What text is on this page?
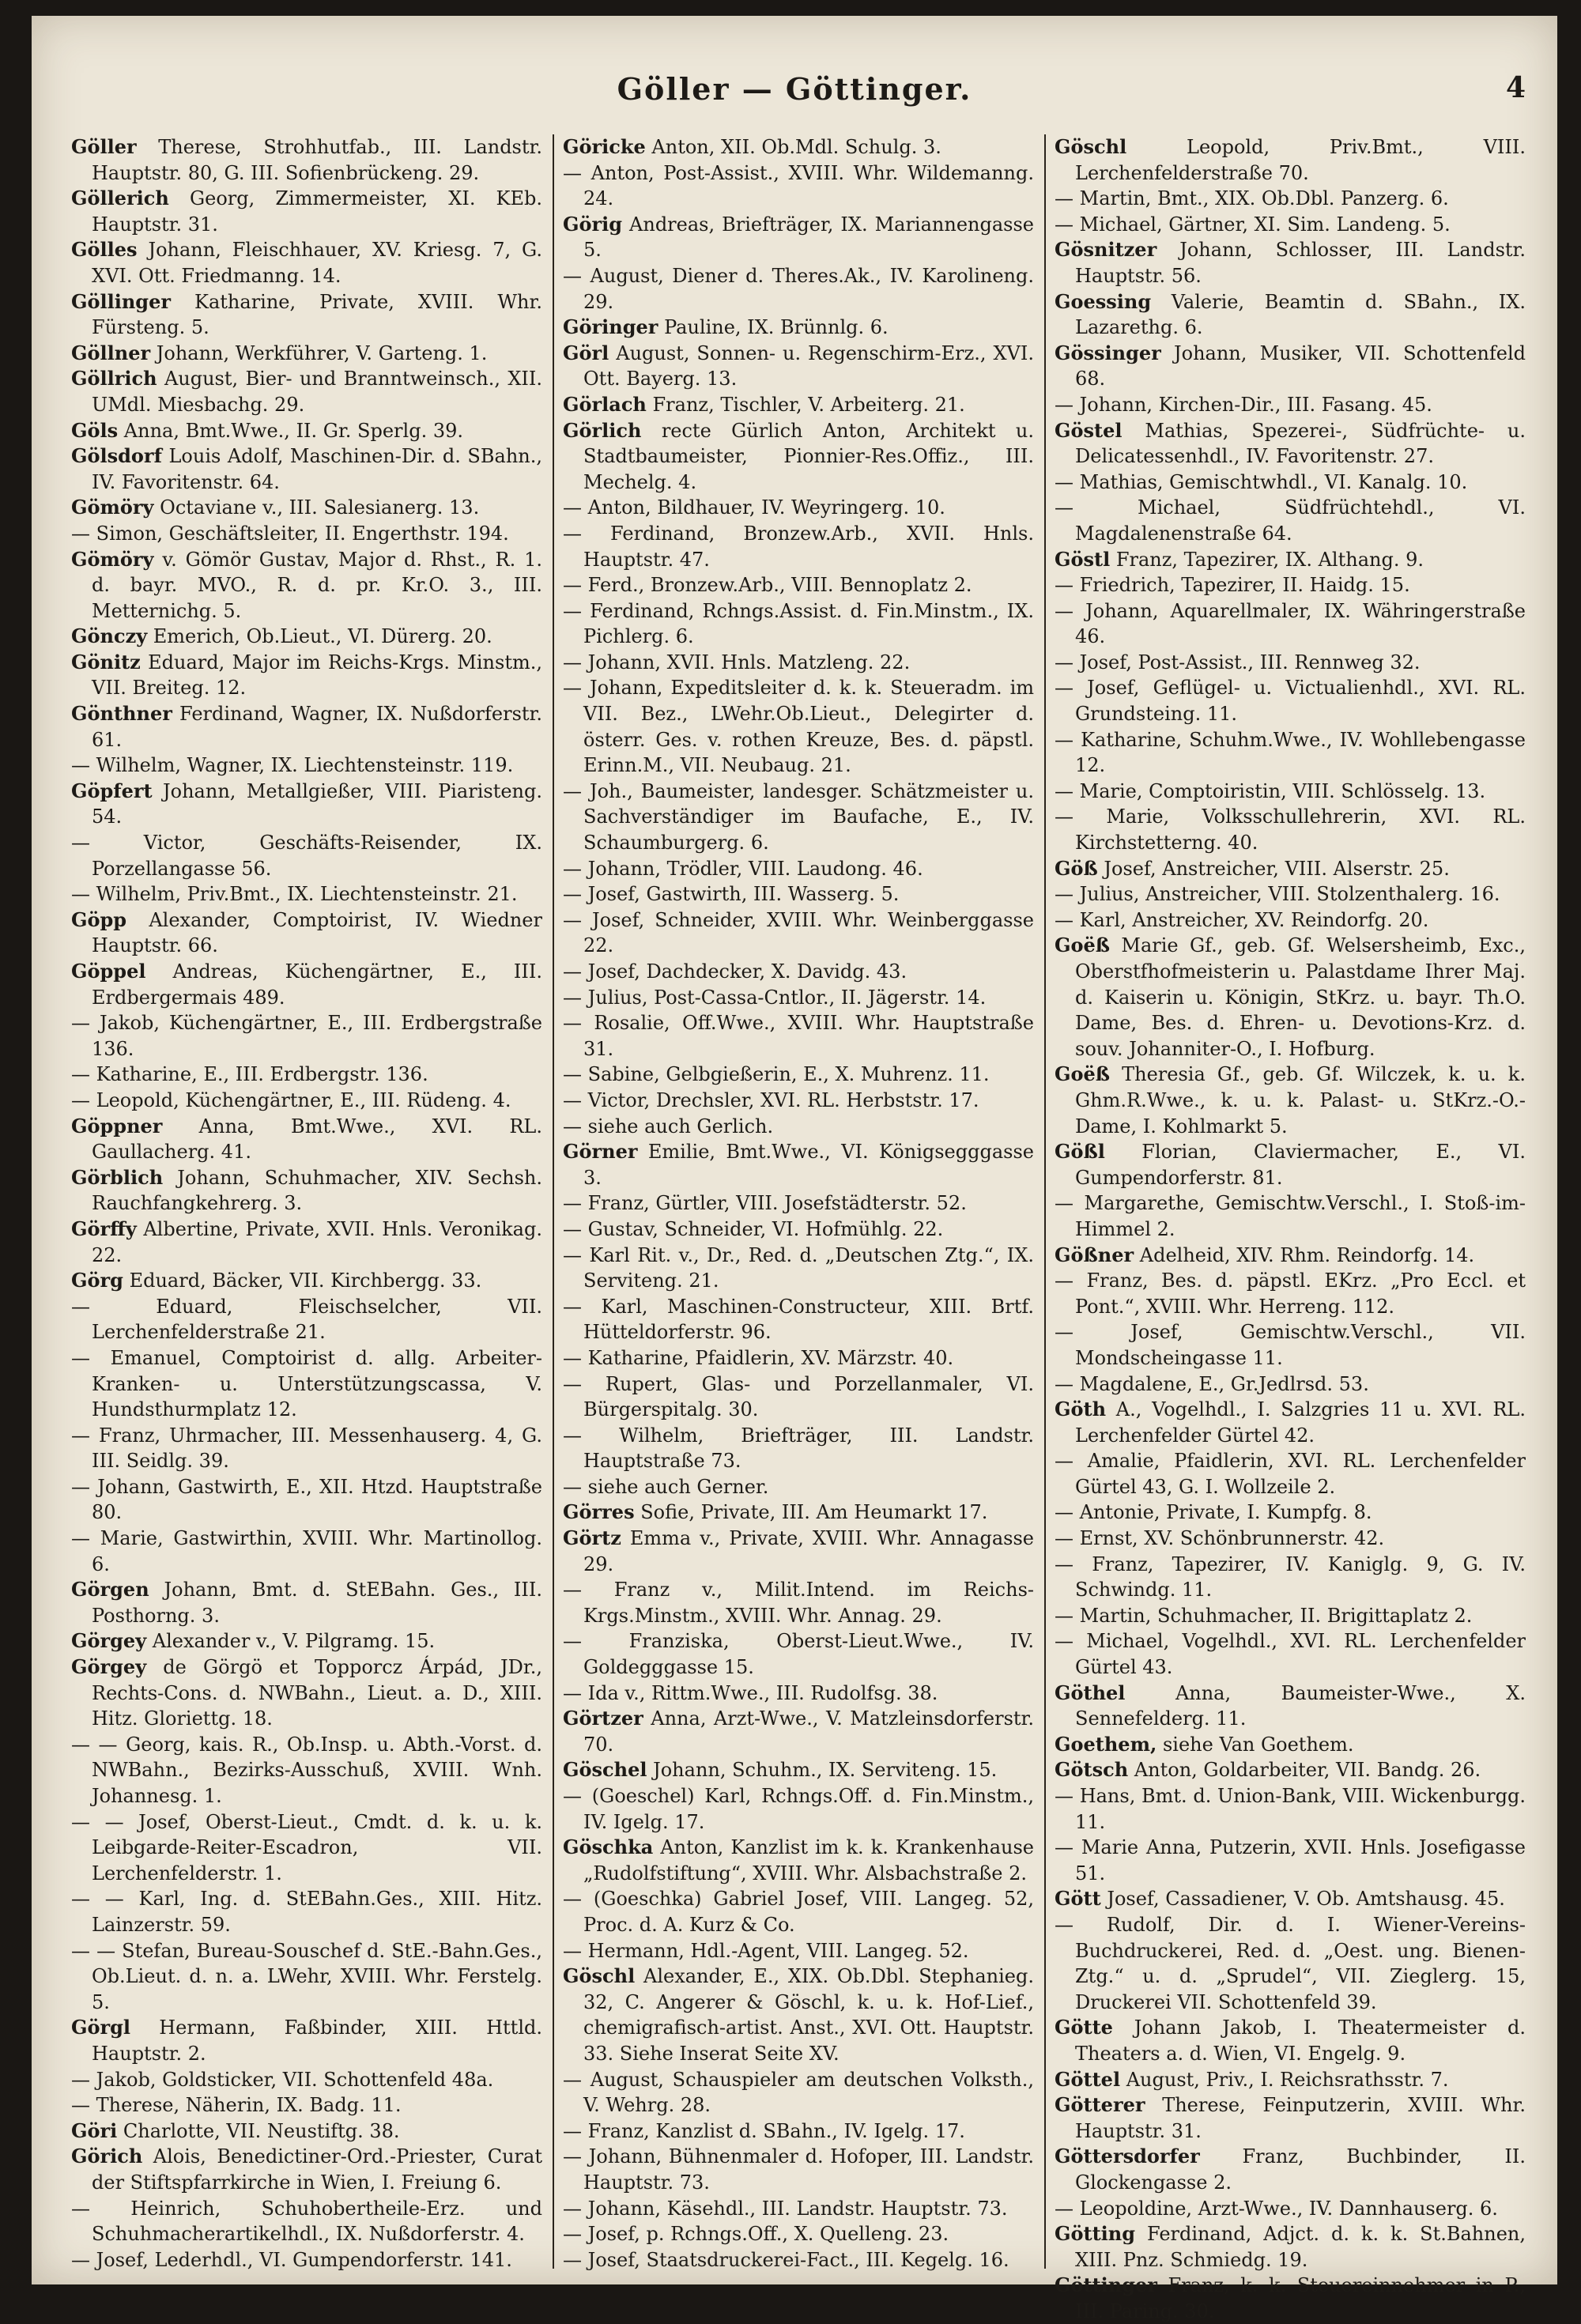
Göller — Göttinger.	4

Göller Therese, Strohhutfab., III. Landstr. Hauptstr. 80, G. III. Sofienbrückeng. 29.

Göllerich Georg, Zimmermeister, XI. KEb. Hauptstr. 31.

Gölles Johann, Fleischhauer, XV. Kriesg. 7, G. XVI. Ott. Friedmanng. 14.

Göllinger Katharine, Private, XVIII. Whr. Fürsteng. 5.

Göllner Johann, Werkführer, V. Garteng. 1.

Göllrich August, Bier- und Branntweinsch., XII. UMdl. Miesbachg. 29.

Göls Anna, Bmt.Wwe., II. Gr. Sperlg. 39.

Gölsdorf Louis Adolf, Maschinen-Dir. d. SBahn., IV. Favoritenstr. 64.

Gömöry Octaviane v., III. Salesianerg. 13.

— Simon, Geschäftsleiter, II. Engerthstr. 194.

Gömöry v. Gömör Gustav, Major d. Rhst., R. 1. d. bayr. MVO., R. d. pr. Kr.O. 3., III. Metternichg. 5.

Gönczy Emerich, Ob.Lieut., VI. Dürerg. 20.

Gönitz Eduard, Major im Reichs-Krgs. Minstm., VII. Breiteg. 12.

Gönthner Ferdinand, Wagner, IX. Nußdorferstr. 61.

— Wilhelm, Wagner, IX. Liechtensteinstr. 119.

Göpfert Johann, Metallgießer, VIII. Piaristeng. 54.

— Victor, Geschäfts-Reisender, IX. Porzellangasse 56.

— Wilhelm, Priv.Bmt., IX. Liechtensteinstr. 21.

Göpp Alexander, Comptoirist, IV. Wiedner Hauptstr. 66.

Göppel Andreas, Küchengärtner, E., III. Erdbergermais 489.

— Jakob, Küchengärtner, E., III. Erdbergstraße 136.

— Katharine, E., III. Erdbergstr. 136.

— Leopold, Küchengärtner, E., III. Rüdeng. 4.

Göppner Anna, Bmt.Wwe., XVI. RL. Gaullacherg. 41.

Görblich Johann, Schuhmacher, XIV. Sechsh. Rauchfangkehrerg. 3.

Görffy Albertine, Private, XVII. Hnls. Veronikag. 22.

Görg Eduard, Bäcker, VII. Kirchbergg. 33.

— Eduard, Fleischselcher, VII. Lerchenfelderstraße 21.

— Emanuel, Comptoirist d. allg. Arbeiter-Kranken- u. Unterstützungscassa, V. Hundsthurmplatz 12.

— Franz, Uhrmacher, III. Messenhauserg. 4, G. III. Seidlg. 39.

— Johann, Gastwirth, E., XII. Htzd. Hauptstraße 80.

— Marie, Gastwirthin, XVIII. Whr. Martinollog. 6.

Görgen Johann, Bmt. d. StEBahn. Ges., III. Posthorng. 3.

Görgey Alexander v., V. Pilgramg. 15.

Görgey de Görgö et Topporcz Árpád, JDr., Rechts-Cons. d. NWBahn., Lieut. a. D., XIII. Hitz. Gloriettg. 18.

— — Georg, kais. R., Ob.Insp. u. Abth.-Vorst. d. NWBahn., Bezirks-Ausschuß, XVIII. Wnh. Johannesg. 1.

— — Josef, Oberst-Lieut., Cmdt. d. k. u. k. Leibgarde-Reiter-Escadron, VII. Lerchenfelderstr. 1.

— — Karl, Ing. d. StEBahn.Ges., XIII. Hitz. Lainzerstr. 59.

— — Stefan, Bureau-Souschef d. StE.-Bahn.Ges., Ob.Lieut. d. n. a. LWehr, XVIII. Whr. Ferstelg. 5.

Görgl Hermann, Faßbinder, XIII. Httld. Hauptstr. 2.

— Jakob, Goldsticker, VII. Schottenfeld 48a.

— Therese, Näherin, IX. Badg. 11.

Göri Charlotte, VII. Neustiftg. 38.

Görich Alois, Benedictiner-Ord.-Priester, Curat der Stiftspfarrkirche in Wien, I. Freiung 6.

— Heinrich, Schuhobertheile-Erz. und Schuhmacherartikelhdl., IX. Nußdorferstr. 4.

— Josef, Lederhdl., VI. Gumpendorferstr. 141.

Göricke Anton, XII. Ob.Mdl. Schulg. 3.

— Anton, Post-Assist., XVIII. Whr. Wildemanng. 24.

Görig Andreas, Briefträger, IX. Mariannengasse 5.

— August, Diener d. Theres.Ak., IV. Karolineng. 29.

Göringer Pauline, IX. Brünnlg. 6.

Görl August, Sonnen- u. Regenschirm-Erz., XVI. Ott. Bayerg. 13.

Görlach Franz, Tischler, V. Arbeiterg. 21.

Görlich recte Gürlich Anton, Architekt u. Stadtbaumeister, Pionnier-Res.Offiz., III. Mechelg. 4.

— Anton, Bildhauer, IV. Weyringerg. 10.

— Ferdinand, Bronzew.Arb., XVII. Hnls. Hauptstr. 47.

— Ferd., Bronzew.Arb., VIII. Bennoplatz 2.

— Ferdinand, Rchngs.Assist. d. Fin.Minstm., IX. Pichlerg. 6.

— Johann, XVII. Hnls. Matzleng. 22.

— Johann, Expeditsleiter d. k. k. Steueradm. im VII. Bez., LWehr.Ob.Lieut., Delegirter d. österr. Ges. v. rothen Kreuze, Bes. d. päpstl. Erinn.M., VII. Neubaug. 21.

— Joh., Baumeister, landesger. Schätzmeister u. Sachverständiger im Baufache, E., IV. Schaumburgerg. 6.

— Johann, Trödler, VIII. Laudong. 46.

— Josef, Gastwirth, III. Wasserg. 5.

— Josef, Schneider, XVIII. Whr. Weinberggasse 22.

— Josef, Dachdecker, X. Davidg. 43.

— Julius, Post-Cassa-Cntlor., II. Jägerstr. 14.

— Rosalie, Off.Wwe., XVIII. Whr. Hauptstraße 31.

— Sabine, Gelbgießerin, E., X. Muhrenz. 11.

— Victor, Drechsler, XVI. RL. Herbststr. 17.

— siehe auch Gerlich.

Görner Emilie, Bmt.Wwe., VI. Königsegggasse 3.

— Franz, Gürtler, VIII. Josefstädterstr. 52.

— Gustav, Schneider, VI. Hofmühlg. 22.

— Karl Rit. v., Dr., Red. d. „Deutschen Ztg.“, IX. Serviteng. 21.

— Karl, Maschinen-Constructeur, XIII. Brtf. Hütteldorferstr. 96.

— Katharine, Pfaidlerin, XV. Märzstr. 40.

— Rupert, Glas- und Porzellanmaler, VI. Bürgerspitalg. 30.

— Wilhelm, Briefträger, III. Landstr. Hauptstraße 73.

— siehe auch Gerner.

Görres Sofie, Private, III. Am Heumarkt 17.

Görtz Emma v., Private, XVIII. Whr. Annagasse 29.

— Franz v., Milit.Intend. im Reichs-Krgs.Minstm., XVIII. Whr. Annag. 29.

— Franziska, Oberst-Lieut.Wwe., IV. Goldegggasse 15.

— Ida v., Rittm.Wwe., III. Rudolfsg. 38.

Görtzer Anna, Arzt-Wwe., V. Matzleinsdorferstr. 70.

Göschel Johann, Schuhm., IX. Serviteng. 15.

— (Goeschel) Karl, Rchngs.Off. d. Fin.Minstm., IV. Igelg. 17.

Göschka Anton, Kanzlist im k. k. Krankenhause „Rudolfstiftung“, XVIII. Whr. Alsbachstraße 2.

— (Goeschka) Gabriel Josef, VIII. Langeg. 52, Proc. d. A. Kurz & Co.

— Hermann, Hdl.-Agent, VIII. Langeg. 52.

Göschl Alexander, E., XIX. Ob.Dbl. Stephanieg. 32, C. Angerer & Göschl, k. u. k. Hof-Lief., chemigrafisch-artist. Anst., XVI. Ott. Hauptstr. 33. Siehe Inserat Seite XV.

— August, Schauspieler am deutschen Volksth., V. Wehrg. 28.

— Franz, Kanzlist d. SBahn., IV. Igelg. 17.

— Johann, Bühnenmaler d. Hofoper, III. Landstr. Hauptstr. 73.

— Johann, Käsehdl., III. Landstr. Hauptstr. 73.

— Josef, p. Rchngs.Off., X. Quelleng. 23.

— Josef, Staatsdruckerei-Fact., III. Kegelg. 16.

Göschl	Leopold, Priv.Bmt., VIII. Lerchenfelderstraße 70.

— Martin, Bmt., XIX. Ob.Dbl. Panzerg. 6.

— Michael, Gärtner, XI. Sim. Landeng. 5.

Gösnitzer Johann, Schlosser, III. Landstr. Hauptstr. 56.

Goessing Valerie, Beamtin d. SBahn., IX. Lazarethg. 6.

Gössinger Johann, Musiker, VII. Schottenfeld 68.

— Johann, Kirchen-Dir., III. Fasang. 45.

Göstel Mathias, Spezerei-, Südfrüchte- u. Delicatessenhdl., IV. Favoritenstr. 27.

— Mathias, Gemischtwhdl., VI. Kanalg. 10.

— Michael, Südfrüchtehdl., VI. Magdalenenstraße 64.

Göstl Franz, Tapezirer, IX. Althang. 9.

— Friedrich, Tapezirer, II. Haidg. 15.

— Johann, Aquarellmaler, IX. Währingerstraße 46.

— Josef, Post-Assist., III. Rennweg 32.

— Josef, Geflügel- u. Victualienhdl., XVI. RL. Grundsteing. 11.

— Katharine, Schuhm.Wwe., IV. Wohllebengasse 12.

— Marie, Comptoiristin, VIII. Schlösselg. 13.

— Marie, Volksschullehrerin, XVI. RL. Kirchstetterng. 40.

Göß Josef, Anstreicher, VIII. Alserstr. 25.

— Julius, Anstreicher, VIII. Stolzenthalerg. 16.

— Karl, Anstreicher, XV. Reindorfg. 20.

Goëß Marie Gf., geb. Gf. Welsersheimb, Exc., Oberstfhofmeisterin u. Palastdame Ihrer Maj. d. Kaiserin u. Königin, StKrz. u. bayr. Th.O. Dame, Bes. d. Ehren- u. Devotions-Krz. d. souv. Johanniter-O., I. Hofburg.

Goëß Theresia Gf., geb. Gf. Wilczek, k. u. k. Ghm.R.Wwe., k. u. k. Palast- u. StKrz.-O.-Dame, I. Kohlmarkt 5.

Gößl Florian, Claviermacher, E., VI. Gumpendorferstr. 81.

— Margarethe, Gemischtw.Verschl., I. Stoß-im-Himmel 2.

Gößner Adelheid, XIV. Rhm. Reindorfg. 14.

— Franz, Bes. d. päpstl. EKrz. „Pro Eccl. et Pont.“, XVIII. Whr. Herreng. 112.

— Josef, Gemischtw.Verschl., VII. Mondscheingasse 11.

— Magdalene, E., Gr.Jedlrsd. 53.

Göth A., Vogelhdl., I. Salzgries 11 u. XVI. RL. Lerchenfelder Gürtel 42.

— Amalie, Pfaidlerin, XVI. RL. Lerchenfelder Gürtel 43, G. I. Wollzeile 2.

— Antonie, Private, I. Kumpfg. 8.

— Ernst, XV. Schönbrunnerstr. 42.

— Franz, Tapezirer, IV. Kaniglg. 9, G. IV. Schwindg. 11.

— Martin, Schuhmacher, II. Brigittaplatz 2.

— Michael, Vogelhdl., XVI. RL. Lerchenfelder Gürtel 43.

Göthel	Anna, Baumeister-Wwe., X. Sennefelderg. 11.

Goethem, siehe Van Goethem.

Götsch Anton, Goldarbeiter, VII. Bandg. 26.

— Hans, Bmt. d. Union-Bank, VIII. Wickenburgg. 11.

— Marie Anna, Putzerin, XVII. Hnls. Josefigasse 51.

Gött Josef, Cassadiener, V. Ob. Amtshausg. 45.

— Rudolf, Dir. d. I. Wiener-Vereins-Buchdruckerei, Red. d. „Oest. ung. Bienen-Ztg.“ u. d. „Sprudel“, VII. Zieglerg. 15, Druckerei VII. Schottenfeld 39.

Götte Johann Jakob, I. Theatermeister d. Theaters a. d. Wien, VI. Engelg. 9.

Göttel August, Priv., I. Reichsrathsstr. 7.

Götterer Therese, Feinputzerin, XVIII. Whr. Hauptstr. 31.

Göttersdorfer Franz, Buchbinder, II. Glockengasse 2.

— Leopoldine, Arzt-Wwe., IV. Dannhauserg. 6.

Götting Ferdinand, Adjct. d. k. k. St.Bahnen, XIII. Pnz. Schmiedg. 19.

Göttinger Franz, k. k. Steuereinnehmer in P., III. Paring. 30.
